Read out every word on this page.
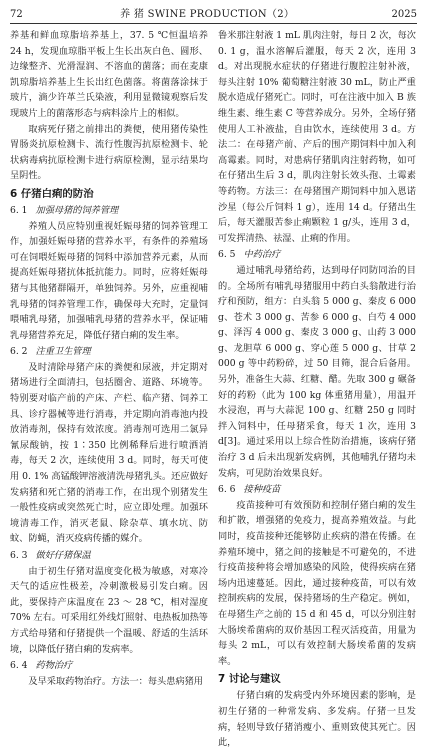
72	养 猪 SWINE PRODUCTION（2）	2025

养基和鲜血琼脂培养基上，37. 5 ℃恒温培养 24 h，发现血琼脂平板上生长出灰白色、圆形、边缘整齐、光滑湿润、不溶血的菌落；而在麦康凯琼脂培养基上生长出红色菌落。将菌落涂抹于玻片，滴少许革兰氏染液，利用显微镜观察后发现玻片上的菌落形态与病料涂片上的相似。

取病死仔猪之前排出的粪便，使用猪传染性胃肠炎抗原检测卡、流行性腹泻抗原检测卡、轮状病毒病抗原检测卡进行病原检测，显示结果均呈阴性。

6 仔猪白痢的防治
6. 1 加强母猪的饲养管理

养殖人员应特别重视妊娠母猪的饲养管理工作，加强妊娠母猪的营养水平，有条件的养殖场可在饲喂妊娠母猪的饲料中添加营养元素，从而提高妊娠母猪抗体抵抗能力。同时，应将妊娠母猪与其他猪群隔开，单独饲养。另外，应重视哺乳母猪的饲养管理工作，确保母大充时，定量饲喂哺乳母猪，加强哺乳母猪的营养水平，保证哺乳母猪营养充足，降低仔猪白痢的发生率。

6. 2 注重卫生管理

及时清除母猪产床的粪便和尿液，并定期对猪场进行全面清扫，包括圈舍、道路、环境等。特别要对临产前的产床、产栏、临产猪、饲养工具、诊疗器械等进行消毒，并定期向消毒池内投放消毒剂，保持有效浓度。消毒剂可选用二氯异氰尿酸钠，按 1∶350 比例稀释后进行喷洒消毒，每天 2 次，连续使用 3 d。同时，每天可使用 0. 1% 高锰酸钾溶液清洗母猪乳头。还应做好发病猪和死亡猪的消毒工作，在出现个别猪发生一般性疫病或突然死亡时，应立即处理。加强环境清毒工作，消灭老鼠、除杂草、填水坑、防蚊、防蝇，消灭疫病传播的媒介。

6. 3 做好仔猪保温

由于初生仔猪对温度变化极为敏感，对寒冷天气的适应性极差，冷刺激极易引发白痢。因此，要保持产床温度在 23 ～ 28 ℃，相对湿度 70% 左右。可采用红外线灯照射、电热板加热等方式给母猪和仔猪提供一个温暖、舒适的生活环境，以降低仔猪白痢的发病率。

6. 4 药物治疗

及早采取药物治疗。方法一：每头患病猪用

鲁米那注射液 1 mL 肌肉注射，每日 2 次，每次 0. 1 g，温水溶解后灌服，每天 2 次，连用 3 d。对出现脱水症状的仔猪进行腹腔注射补液，每头注射 10% 葡萄糖注射液 30 mL，防止严重脱水造成仔猪死亡。同时，可在注液中加入 B 族维生素、维生素 C 等营养成分。另外，全场仔猪使用人工补液盐，自由饮水，连续使用 3 d。方法二：在母猪产前、产后的围产期饲料中加入利高霉素。同时，对患病仔猪肌肉注射药物，如可在仔猪出生后 3 d，肌肉注射长效头孢、土霉素等药物。方法三：在母猪围产期饲料中加入恩诺沙星（每公斤饲料 1 g），连用 14 d。仔猪出生后，每天灌服苦参止痢颗粒 1 g/头，连用 3 d，可发挥清热、祛湿、止痢的作用。

6. 5 中药治疗

通过哺乳母猪给药，达到母仔同防同治的目的。全场所有哺乳母猪服用中药白头翁散进行治疗和预防，组方：白头翁 5 000 g、秦皮 6 000 g、苍术 3 000 g、苦参 6 000 g、白芍 4 000 g、泽泻 4 000 g、秦皮 3 000 g、山药 3 000 g、龙胆草 6 000 g、穿心莲 5 000 g、甘草 2 000 g 等中药粉碎，过 50 目筛，混合后备用。另外，准备生大蒜、红糖、醋。先取 300 g 碾备好的药粉（此为 100 kg 体重猪用量），用温开水浸泡，再与大蒜泥 100 g、红糖 250 g 同时拌入饲料中，任母猪采食，每天 1 次，连用 3 d[3]。通过采用以上综合性防治措施，该病仔猪治疗 3 d 后未出现新发病例，其他哺乳仔猪均未发病，可见防治效果良好。

6. 6 接种疫苗

疫苗接种可有效预防和控制仔猪白痢的发生和扩散，增强猪的免疫力，提高养殖效益。与此同时，疫苗接种还能够防止疾病的潜在传播。在养殖环境中，猪之间的接触是不可避免的，不进行疫苗接种将会增加感染的风险，使得疾病在猪场内迅速蔓延。因此，通过接种疫苗，可以有效控制疾病的发展，保持猪场的生产稳定。例如，在母猪生产之前的 15 d 和 45 d，可以分别注射大肠埃希菌病的双价基因工程灭活疫苗，用量为每头 2 mL，可以有效控制大肠埃希菌的发病率。

7 讨论与建议

仔猪白痢的发病受内外环境因素的影响，是初生仔猪的一种常发病、多发病。仔猪一旦发病，轻则导致仔猪消瘦小、重则致使其死亡。因此，
